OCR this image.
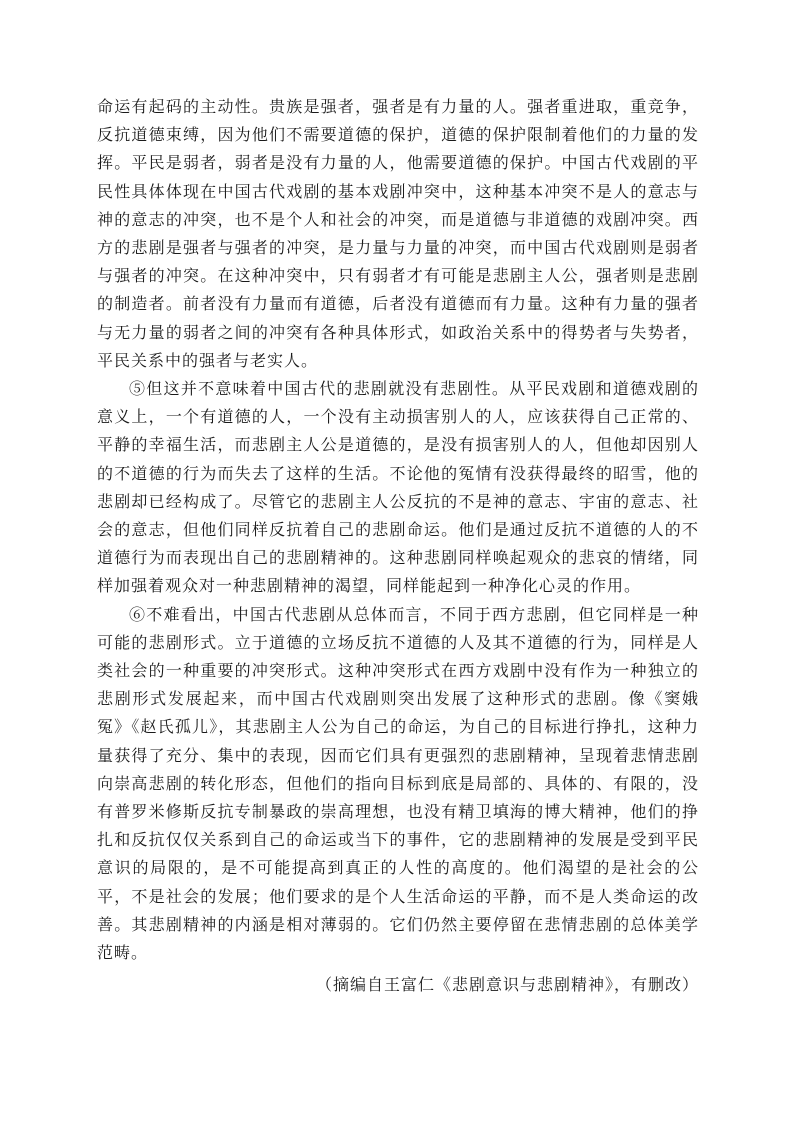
命运有起码的主动性。贵族是强者，强者是有力量的人。强者重进取，重竞争，反抗道德束缚，因为他们不需要道德的保护，道德的保护限制着他们的力量的发挥。平民是弱者，弱者是没有力量的人，他需要道德的保护。中国古代戏剧的平民性具体体现在中国古代戏剧的基本戏剧冲突中，这种基本冲突不是人的意志与神的意志的冲突，也不是个人和社会的冲突，而是道德与非道德的戏剧冲突。西方的悲剧是强者与强者的冲突，是力量与力量的冲突，而中国古代戏剧则是弱者与强者的冲突。在这种冲突中，只有弱者才有可能是悲剧主人公，强者则是悲剧的制造者。前者没有力量而有道德，后者没有道德而有力量。这种有力量的强者与无力量的弱者之间的冲突有各种具体形式，如政治关系中的得势者与失势者，平民关系中的强者与老实人。

⑤但这并不意味着中国古代的悲剧就没有悲剧性。从平民戏剧和道德戏剧的意义上，一个有道德的人，一个没有主动损害别人的人，应该获得自己正常的、平静的幸福生活，而悲剧主人公是道德的，是没有损害别人的人，但他却因别人的不道德的行为而失去了这样的生活。不论他的冤情有没获得最终的昭雪，他的悲剧却已经构成了。尽管它的悲剧主人公反抗的不是神的意志、宇宙的意志、社会的意志，但他们同样反抗着自己的悲剧命运。他们是通过反抗不道德的人的不道德行为而表现出自己的悲剧精神的。这种悲剧同样唤起观众的悲哀的情绪，同样加强着观众对一种悲剧精神的渴望，同样能起到一种净化心灵的作用。

⑥不难看出，中国古代悲剧从总体而言，不同于西方悲剧，但它同样是一种可能的悲剧形式。立于道德的立场反抗不道德的人及其不道德的行为，同样是人类社会的一种重要的冲突形式。这种冲突形式在西方戏剧中没有作为一种独立的悲剧形式发展起来，而中国古代戏剧则突出发展了这种形式的悲剧。像《窦娥冤》《赵氏孤儿》，其悲剧主人公为自己的命运，为自己的目标进行挣扎，这种力量获得了充分、集中的表现，因而它们具有更强烈的悲剧精神，呈现着悲情悲剧向崇高悲剧的转化形态，但他们的指向目标到底是局部的、具体的、有限的，没有普罗米修斯反抗专制暴政的崇高理想，也没有精卫填海的博大精神，他们的挣扎和反抗仅仅关系到自己的命运或当下的事件，它的悲剧精神的发展是受到平民意识的局限的，是不可能提高到真正的人性的高度的。他们渴望的是社会的公平，不是社会的发展；他们要求的是个人生活命运的平静，而不是人类命运的改善。其悲剧精神的内涵是相对薄弱的。它们仍然主要停留在悲情悲剧的总体美学范畴。

（摘编自王富仁《悲剧意识与悲剧精神》，有删改）
